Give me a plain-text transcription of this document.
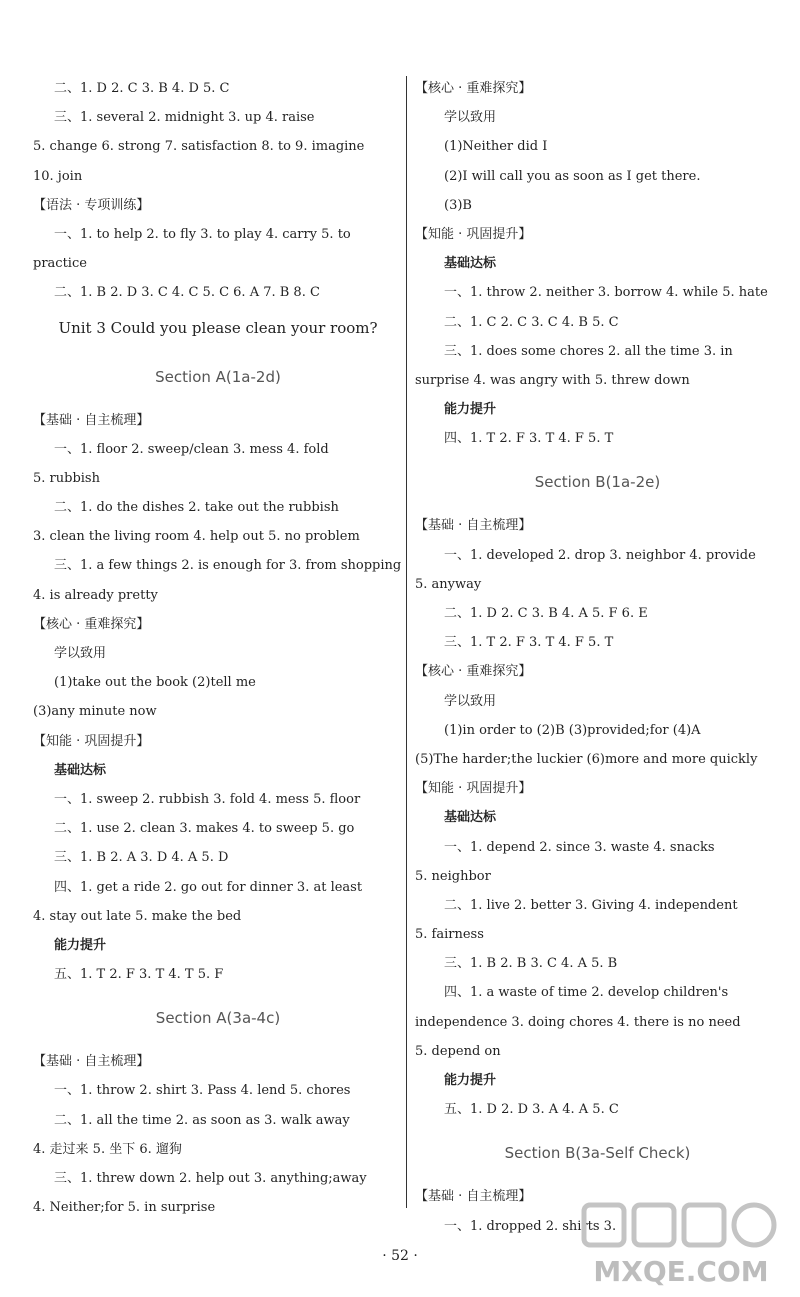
二、1. D 2. C 3. B 4. D 5. C
三、1. several 2. midnight 3. up 4. raise
5. change 6. strong 7. satisfaction 8. to 9. imagine
10. join
【语法 · 专项训练】
一、1. to help 2. to fly 3. to play 4. carry 5. to
practice
二、1. B 2. D 3. C 4. C 5. C 6. A 7. B 8. C
Unit 3 Could you please clean your room?
Section A(1a-2d)
【基础 · 自主梳理】
一、1. floor 2. sweep/clean 3. mess 4. fold
5. rubbish
二、1. do the dishes 2. take out the rubbish
3. clean the living room 4. help out 5. no problem
三、1. a few things 2. is enough for 3. from shopping
4. is already pretty
【核心 · 重难探究】
学以致用
(1)take out the book (2)tell me
(3)any minute now
【知能 · 巩固提升】
基础达标
一、1. sweep 2. rubbish 3. fold 4. mess 5. floor
二、1. use 2. clean 3. makes 4. to sweep 5. go
三、1. B 2. A 3. D 4. A 5. D
四、1. get a ride 2. go out for dinner 3. at least
4. stay out late 5. make the bed
能力提升
五、1. T 2. F 3. T 4. T 5. F
Section A(3a-4c)
【基础 · 自主梳理】
一、1. throw 2. shirt 3. Pass 4. lend 5. chores
二、1. all the time 2. as soon as 3. walk away
4. 走过来 5. 坐下 6. 遛狗
三、1. threw down 2. help out 3. anything;away
4. Neither;for 5. in surprise
【核心 · 重难探究】
学以致用
(1)Neither did I
(2)I will call you as soon as I get there.
(3)B
【知能 · 巩固提升】
基础达标
一、1. throw 2. neither 3. borrow 4. while 5. hate
二、1. C 2. C 3. C 4. B 5. C
三、1. does some chores 2. all the time 3. in
surprise 4. was angry with 5. threw down
能力提升
四、1. T 2. F 3. T 4. F 5. T
Section B(1a-2e)
【基础 · 自主梳理】
一、1. developed 2. drop 3. neighbor 4. provide
5. anyway
二、1. D 2. C 3. B 4. A 5. F 6. E
三、1. T 2. F 3. T 4. F 5. T
【核心 · 重难探究】
学以致用
(1)in order to (2)B (3)provided;for (4)A
(5)The harder;the luckier (6)more and more quickly
【知能 · 巩固提升】
基础达标
一、1. depend 2. since 3. waste 4. snacks
5. neighbor
二、1. live 2. better 3. Giving 4. independent
5. fairness
三、1. B 2. B 3. C 4. A 5. B
四、1. a waste of time 2. develop children's
independence 3. doing chores 4. there is no need
5. depend on
能力提升
五、1. D 2. D 3. A 4. A 5. C
Section B(3a-Self Check)
【基础 · 自主梳理】
一、1. dropped 2. shirts 3.
· 52 ·	MXQE.COM
